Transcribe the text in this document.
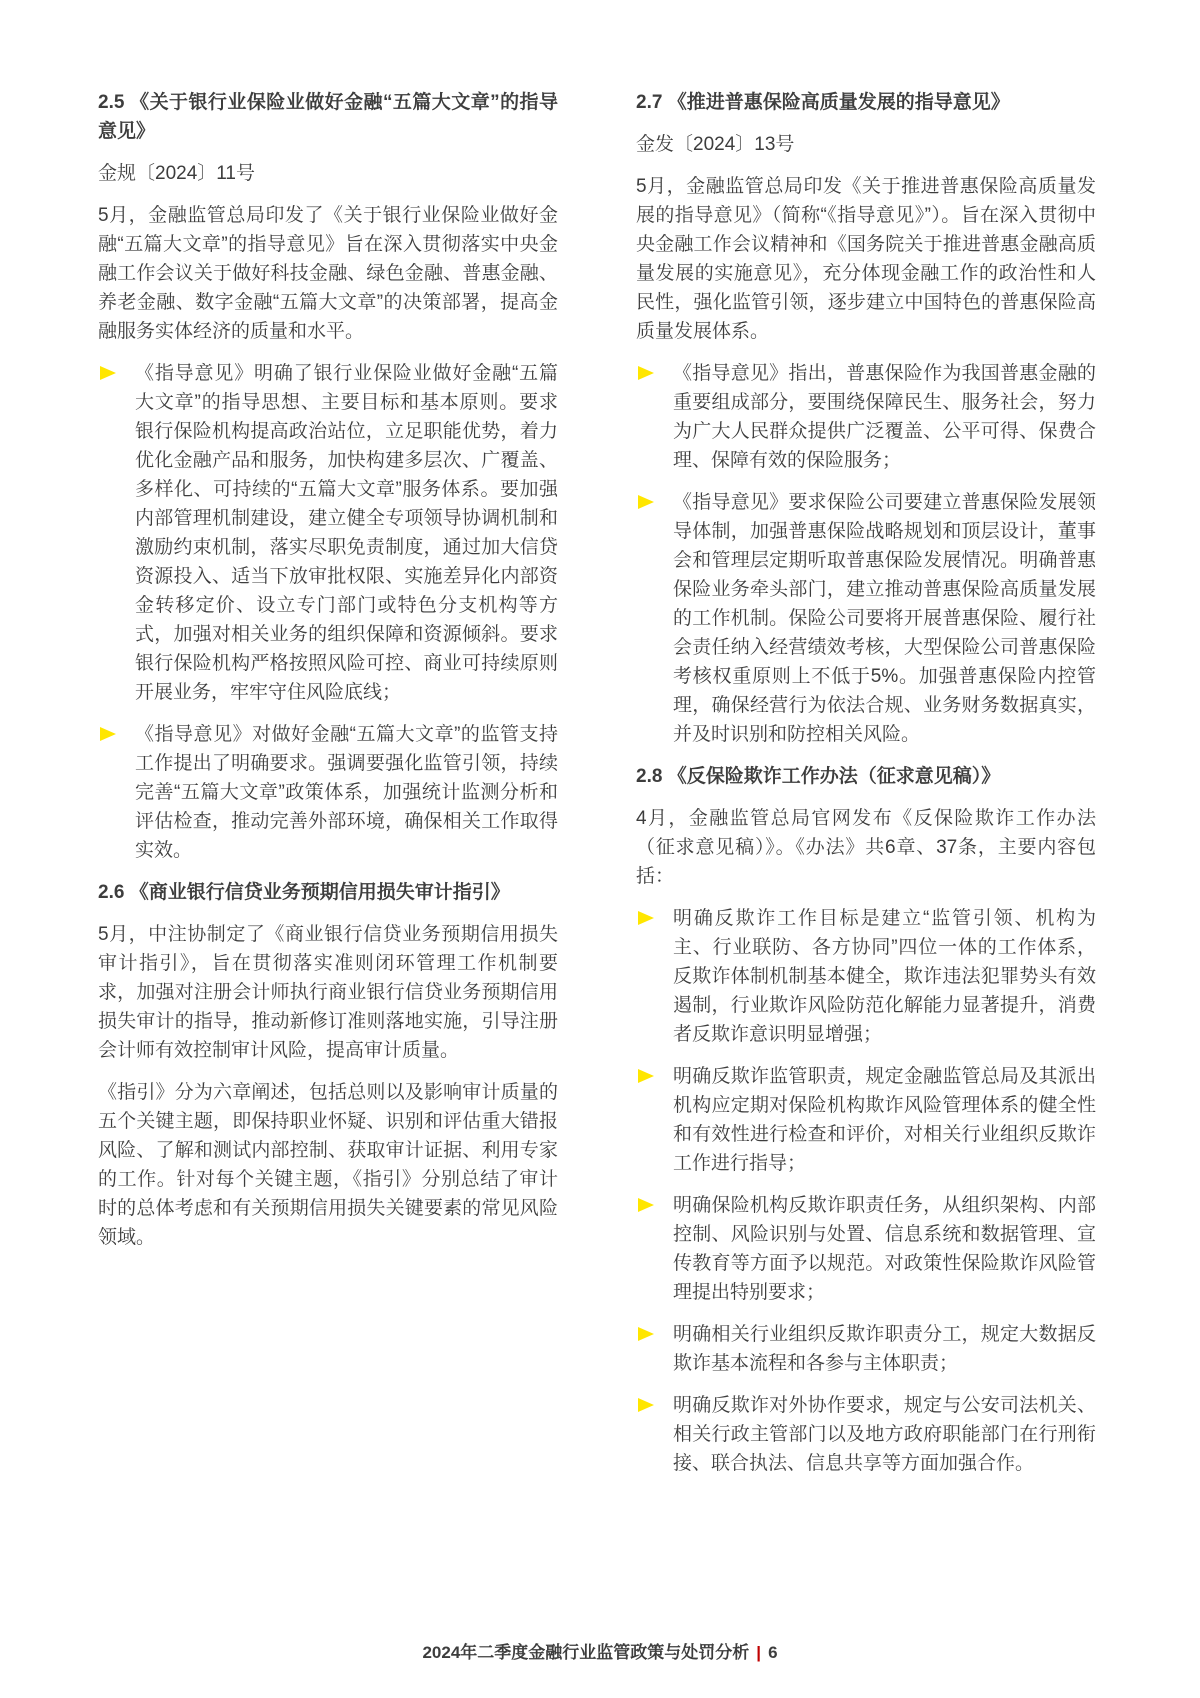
2.5 《关于银行业保险业做好金融“五篇大文章”的指导意见》
金规〔2024〕11号
5月，金融监管总局印发了《关于银行业保险业做好金融“五篇大文章”的指导意见》旨在深入贯彻落实中央金融工作会议关于做好科技金融、绿色金融、普惠金融、养老金融、数字金融“五篇大文章”的决策部署，提高金融服务实体经济的质量和水平。
《指导意见》明确了银行业保险业做好金融“五篇大文章”的指导思想、主要目标和基本原则。要求银行保险机构提高政治站位，立足职能优势，着力优化金融产品和服务，加快构建多层次、广覆盖、多样化、可持续的“五篇大文章”服务体系。要加强内部管理机制建设，建立健全专项领导协调机制和激励约束机制，落实尽职免责制度，通过加大信贷资源投入、适当下放审批权限、实施差异化内部资金转移定价、设立专门部门或特色分支机构等方式，加强对相关业务的组织保障和资源倾斜。要求银行保险机构严格按照风险可控、商业可持续原则开展业务，牢牢守住风险底线；
《指导意见》对做好金融“五篇大文章”的监管支持工作提出了明确要求。强调要强化监管引领，持续完善“五篇大文章”政策体系，加强统计监测分析和评估检查，推动完善外部环境，确保相关工作取得实效。
2.6 《商业银行信贷业务预期信用损失审计指引》
5月，中注协制定了《商业银行信贷业务预期信用损失审计指引》，旨在贯彻落实准则闭环管理工作机制要求，加强对注册会计师执行商业银行信贷业务预期信用损失审计的指导，推动新修订准则落地实施，引导注册会计师有效控制审计风险，提高审计质量。
《指引》分为六章阐述，包括总则以及影响审计质量的五个关键主题，即保持职业怀疑、识别和评估重大错报风险、了解和测试内部控制、获取审计证据、利用专家的工作。针对每个关键主题，《指引》分别总结了审计时的总体考虑和有关预期信用损失关键要素的常见风险领域。
2.7 《推进普惠保险高质量发展的指导意见》
金发〔2024〕13号
5月，金融监管总局印发《关于推进普惠保险高质量发展的指导意见》（简称“《指导意见》”）。旨在深入贯彻中央金融工作会议精神和《国务院关于推进普惠金融高质量发展的实施意见》，充分体现金融工作的政治性和人民性，强化监管引领，逐步建立中国特色的普惠保险高质量发展体系。
《指导意见》指出，普惠保险作为我国普惠金融的重要组成部分，要围绕保障民生、服务社会，努力为广大人民群众提供广泛覆盖、公平可得、保费合理、保障有效的保险服务；
《指导意见》要求保险公司要建立普惠保险发展领导体制，加强普惠保险战略规划和顶层设计，董事会和管理层定期听取普惠保险发展情况。明确普惠保险业务牵头部门，建立推动普惠保险高质量发展的工作机制。保险公司要将开展普惠保险、履行社会责任纳入经营绩效考核，大型保险公司普惠保险考核权重原则上不低于5%。加强普惠保险内控管理，确保经营行为依法合规、业务财务数据真实，并及时识别和防控相关风险。
2.8 《反保险欺诈工作办法（征求意见稿）》
4月，金融监管总局官网发布《反保险欺诈工作办法（征求意见稿）》。《办法》共6章、37条，主要内容包括：
明确反欺诈工作目标是建立“监管引领、机构为主、行业联防、各方协同”四位一体的工作体系，反欺诈体制机制基本健全，欺诈违法犯罪势头有效遏制，行业欺诈风险防范化解能力显著提升，消费者反欺诈意识明显增强；
明确反欺诈监管职责，规定金融监管总局及其派出机构应定期对保险机构欺诈风险管理体系的健全性和有效性进行检查和评价，对相关行业组织反欺诈工作进行指导；
明确保险机构反欺诈职责任务，从组织架构、内部控制、风险识别与处置、信息系统和数据管理、宣传教育等方面予以规范。对政策性保险欺诈风险管理提出特别要求；
明确相关行业组织反欺诈职责分工，规定大数据反欺诈基本流程和各参与主体职责；
明确反欺诈对外协作要求，规定与公安司法机关、相关行政主管部门以及地方政府职能部门在行刑衔接、联合执法、信息共享等方面加强合作。
2024年二季度金融行业监管政策与处罚分析 | 6
